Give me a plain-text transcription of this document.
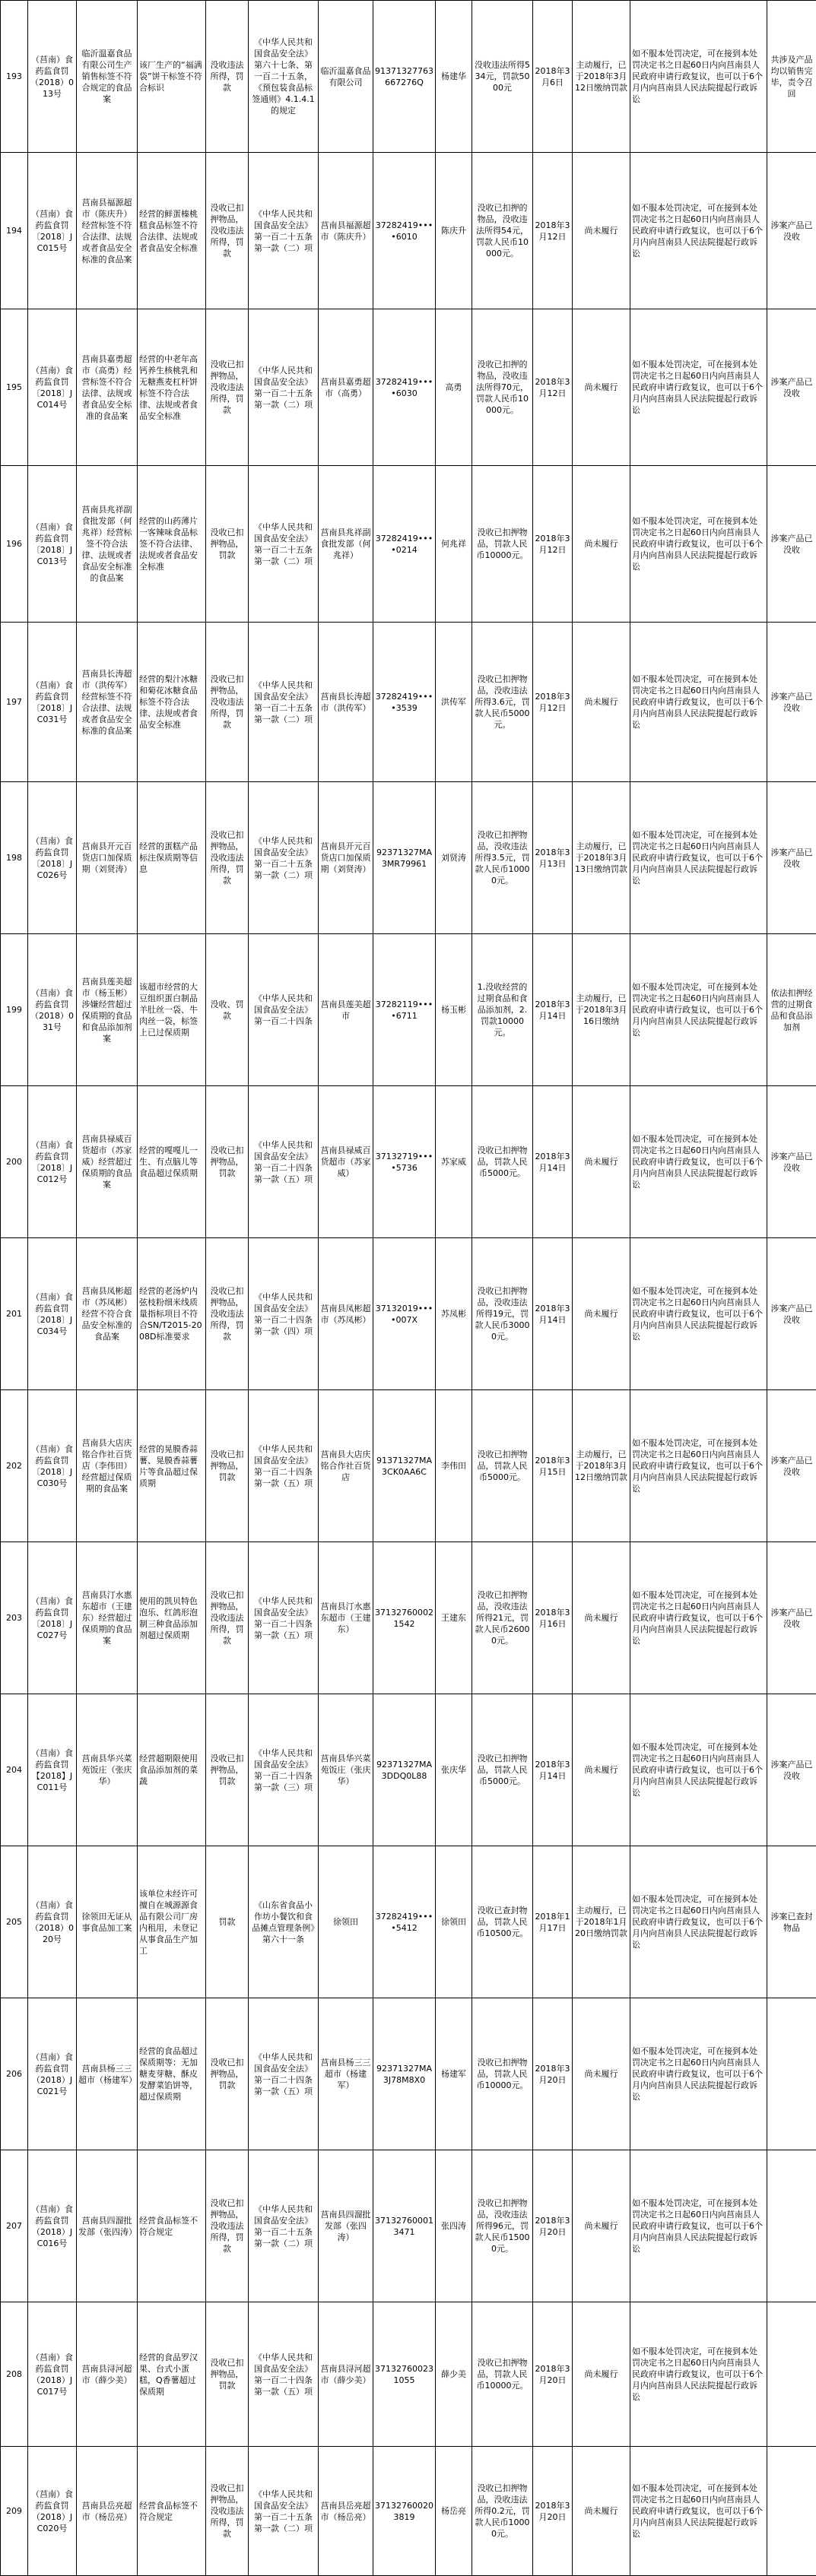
193	（莒南）食药监食罚（2018）013号	临沂温嘉食品有限公司生产销售标签不符合规定的食品案	该厂生产的“福满袋”饼干标签不符合标识	没收违法所得，罚款	《中华人民共和国食品安全法》第六十七条、第一百二十五条，《预包装食品标签通则》4.1.4.1的规定	临沂温嘉食品有限公司	91371327763667276Q	杨建华	没收违法所得534元，罚款5000元	2018年3月6日	主动履行，已于2018年3月12日缴纳罚款	如不服本处罚决定，可在接到本处罚决定书之日起60日内向莒南县人民政府申请行政复议，也可以于6个月内向莒南县人民法院提起行政诉讼	共涉及产品均以销售完毕，责令召回
194	（莒南）食药监食罚〔2018〕JC015号	莒南县福源超市（陈庆升）经营标签不符合法律、法规或者食品安全标准的食品案	经营的鲜蛋榛桃糕食品标签不符合法律、法规或者食品安全标准	没收已扣押物品，没收违法所得，罚款	《中华人民共和国食品安全法》第一百二十五条第一款（二）项	莒南县福源超市（陈庆升）	37282419••••6010	陈庆升	没收已扣押的物品，没收违法所得54元，罚款人民币10000元。	2018年3月12日	尚未履行	如不服本处罚决定，可在接到本处罚决定书之日起60日内向莒南县人民政府申请行政复议，也可以于6个月内向莒南县人民法院提起行政诉讼	涉案产品已没收
195	（莒南）食药监食罚〔2018〕JC014号	莒南县嘉勇超市（高勇）经营标签不符合法律、法规或者食品安全标准的食品案	经营的中老年高钙养生核桃乳和无糖燕麦杠杆饼标签不符合法律、法规或者食品安全标准	没收已扣押物品，没收违法所得，罚款	《中华人民共和国食品安全法》第一百二十五条第一款（二）项	莒南县嘉勇超市（高勇）	37282419••••6030	高勇	没收已扣押的物品，没收违法所得70元，罚款人民币10000元。	2018年3月12日	尚未履行	如不服本处罚决定，可在接到本处罚决定书之日起60日内向莒南县人民政府申请行政复议，也可以于6个月内向莒南县人民法院提起行政诉讼	涉案产品已没收
196	（莒南）食药监食罚〔2018〕JC013号	莒南县兆祥副食批发部（何兆祥）经营标签不符合法律、法规或者食品安全标准的食品案	经营的山药薄片一客辣味食品标签不符合法律、法规或者食品安全标准	没收已扣押物品，罚款	《中华人民共和国食品安全法》第一百二十五条第一款（二）项	莒南县兆祥副食批发部（何兆祥）	37282419••••0214	何兆祥	没收已扣押物品，罚款人民币10000元。	2018年3月12日	尚未履行	如不服本处罚决定，可在接到本处罚决定书之日起60日内向莒南县人民政府申请行政复议，也可以于6个月内向莒南县人民法院提起行政诉讼	涉案产品已没收
197	（莒南）食药监食罚〔2018〕JC031号	莒南县长涛超市（洪传军）经营标签不符合法律、法规或者食品安全标准的食品案	经营的梨汁冰糖和菊花冰糖食品标签不符合法律、法规或者食品安全标准	没收已扣押物品，没收违法所得，罚款	《中华人民共和国食品安全法》第一百二十五条第一款（二）项	莒南县长涛超市（洪传军）	37282419••••3539	洪传军	没收已扣押物品，没收违法所得3.6元，罚款人民币5000元。	2018年3月12日	尚未履行	如不服本处罚决定，可在接到本处罚决定书之日起60日内向莒南县人民政府申请行政复议，也可以于6个月内向莒南县人民法院提起行政诉讼	涉案产品已没收
198	（莒南）食药监食罚〔2018〕JC026号	莒南县开元百货店口加保质期（刘贤涛）	经营的蛋糕产品标注保质期等信息	没收已扣押物品，没收违法所得，罚款	《中华人民共和国食品安全法》第一百二十五条第一款（二）项	莒南县开元百货店口加保质期（刘贤涛）	92371327MA3MR79961	刘贤涛	没收已扣押物品，没收违法所得3.5元，罚款人民币10000元。	2018年3月13日	主动履行，已于2018年3月13日缴纳罚款	如不服本处罚决定，可在接到本处罚决定书之日起60日内向莒南县人民政府申请行政复议，也可以于6个月内向莒南县人民法院提起行政诉讼	涉案产品已没收
199	（莒南）食药监食罚（2018）031号	莒南县莲美超市（杨玉彬）涉嫌经营超过保质期的食品和食品添加剂案	该超市经营的大豆组织蛋白制品羊肚丝一袋、牛肉丝一袋，标签上已过保质期	没收、罚款	《中华人民共和国食品安全法》第一百二十四条	莒南县莲美超市	37282119••••6711	杨玉彬	1.没收经营的过期食品和食品添加剂，2.罚款10000元。	2018年3月14日	主动履行，已于2018年3月16日缴纳	如不服本处罚决定，可在接到本处罚决定书之日起60日内向莒南县人民政府申请行政复议，也可以于6个月内向莒南县人民法院提起行政诉讼	依法扣押经营的过期食品和食品添加剂
200	（莒南）食药监食罚〔2018〕JC012号	莒南县禄威百货超市（苏家威）经营超过保质期的食品案	经营的嘎嘎儿一生、有点脑儿等食品超过保质期	没收已扣押物品，罚款	《中华人民共和国食品安全法》第一百二十四条第一款（五）项	莒南县禄威百货超市（苏家威）	37132719••••5736	苏家威	没收已扣押物品，罚款人民币5000元。	2018年3月14日	尚未履行	如不服本处罚决定，可在接到本处罚决定书之日起60日内向莒南县人民政府申请行政复议，也可以于6个月内向莒南县人民法院提起行政诉讼	涉案产品已没收
201	（莒南）食药监食罚〔2018〕JC034号	莒南县凤彬超市（苏凤彬）经营不符合食品安全标准的食品案	经营的老汤炉内弦枝粉细米线质量指标项目不符合SN/T2015-2008D标准要求	没收已扣押物品，没收违法所得，罚款	《中华人民共和国食品安全法》第一百二十四条第一款（四）项	莒南县凤彬超市（苏凤彬）	37132019••••007X	苏凤彬	没收已扣押物品，没收违法所得19元，罚款人民币30000元。	2018年3月14日	尚未履行	如不服本处罚决定，可在接到本处罚决定书之日起60日内向莒南县人民政府申请行政复议，也可以于6个月内向莒南县人民法院提起行政诉讼	涉案产品已没收
202	（莒南）食药监食罚〔2018〕JC030号	莒南县大店庆铭合作社百货店（李伟田）经营超过保质期的食品案	经营的晃膜香蒜薯、晃膜香蒜薯片等食品超过保质期	没收已扣押物品，罚款	《中华人民共和国食品安全法》第一百二十四条第一款（五）项	莒南县大店庆铭合作社百货店	91371327MA3CK0AA6C	李伟田	没收已扣押物品，罚款人民币5000元。	2018年3月15日	主动履行，已于2018年3月12日缴纳罚款	如不服本处罚决定，可在接到本处罚决定书之日起60日内向莒南县人民政府申请行政复议，也可以于6个月内向莒南县人民法院提起行政诉讼	涉案产品已没收
203	（莒南）食药监食罚〔2018〕JC027号	莒南县汀水惠东超市（王建东）经营超过保质期的食品案	使用的凯贝特色泡乐、红鸽形泡制三种食品添加剂超过保质期	没收已扣押物品，没收违法所得，罚款	《中华人民共和国食品安全法》第一百二十四条第一款（五）项	莒南县汀水惠东超市（王建东）	371327600021542	王建东	没收已扣押物品，没收违法所得21元，罚款人民币26000元。	2018年3月16日	尚未履行	如不服本处罚决定，可在接到本处罚决定书之日起60日内向莒南县人民政府申请行政复议，也可以于6个月内向莒南县人民法院提起行政诉讼	涉案产品已没收
204	（莒南）食药监食罚【2018】JC011号	莒南县华兴菜苑饭庄（张庆华）	经营超期限使用食品添加剂的菜蔬	没收已扣押物品，罚款	《中华人民共和国食品安全法》第一百二十四条第一款（三）项	莒南县华兴菜苑饭庄（张庆华）	92371327MA3DDQ0L88	张庆华	没收已扣押物品，罚款人民币5000元。	2018年3月14日	尚未履行	如不服本处罚决定，可在接到本处罚决定书之日起60日内向莒南县人民政府申请行政复议，也可以于6个月内向莒南县人民法院提起行政诉讼	涉案产品已没收
205	（莒南）食药监食罚（2018）020号	徐领田无证从事食品加工案	该单位未经许可擅自在城源源食品有限公司厂房内租用，未登记从事食品生产加工	罚款	《山东省食品小作坊小餐饮和食品摊点管理条例》第六十一条	徐领田	37282419••••5412	徐领田	没收已查封物品，罚款人民币10500元。	2018年1月17日	主动履行，已于2018年1月20日缴纳罚款	如不服本处罚决定，可在接到本处罚决定书之日起60日内向莒南县人民政府申请行政复议，也可以于6个月内向莒南县人民法院提起行政诉讼	涉案已查封物品
206	（莒南）食药监食罚（2018）JC021号	莒南县杨三三超市（杨建军）	经营的食品超过保质期等：无加糖麦芽糖、酥皮发酵菜馅饼等，超过保质期	没收已扣押物品，罚款	《中华人民共和国食品安全法》第一百二十四条第一款（五）项	莒南县杨三三超市（杨建军）	92371327MA3J78M8X0	杨建军	没收已扣押物品，罚款人民币10000元。	2018年3月20日	尚未履行	如不服本处罚决定，可在接到本处罚决定书之日起60日内向莒南县人民政府申请行政复议，也可以于6个月内向莒南县人民法院提起行政诉讼	
207	（莒南）食药监食罚（2018）JC016号	莒南县四溜批发部（张四涛）	经营食品标签不符合规定	没收已扣押物品，没收违法所得，罚款	《中华人民共和国食品安全法》第一百二十五条第一款（二）项	莒南县四溜批发部（张四涛）	371327600013471	张四涛	没收已扣押物品，没收违法所得96元，罚款人民币15000元。	2018年3月20日	尚未履行	如不服本处罚决定，可在接到本处罚决定书之日起60日内向莒南县人民政府申请行政复议，也可以于6个月内向莒南县人民法院提起行政诉讼	
208	（莒南）食药监食罚（2018）JC017号	莒南县浔河超市（薛少美）	经营的食品罗汉果、台式小蛋糕，Q香薯超过保质期	没收已扣押物品，罚款	《中华人民共和国食品安全法》第一百二十四条第一款（五）项	莒南县浔河超市（薛少美）	371327600231055	薛少美	没收已扣押物品，罚款人民币10000元。	2018年3月20日	尚未履行	如不服本处罚决定，可在接到本处罚决定书之日起60日内向莒南县人民政府申请行政复议，也可以于6个月内向莒南县人民法院提起行政诉讼	
209	（莒南）食药监食罚（2018）JC020号	莒南县岳亮超市（杨岳亮）	经营食品标签不符合规定	没收已扣押物品，没收违法所得，罚款	《中华人民共和国食品安全法》第一百二十五条第一款（二）项	莒南县岳亮超市（杨岳亮）	371327600203819	杨岳亮	没收已扣押物品，没收违法所得0.2元，罚款人民币10000元。	2018年3月20日	尚未履行	如不服本处罚决定，可在接到本处罚决定书之日起60日内向莒南县人民政府申请行政复议，也可以于6个月内向莒南县人民法院提起行政诉讼	
